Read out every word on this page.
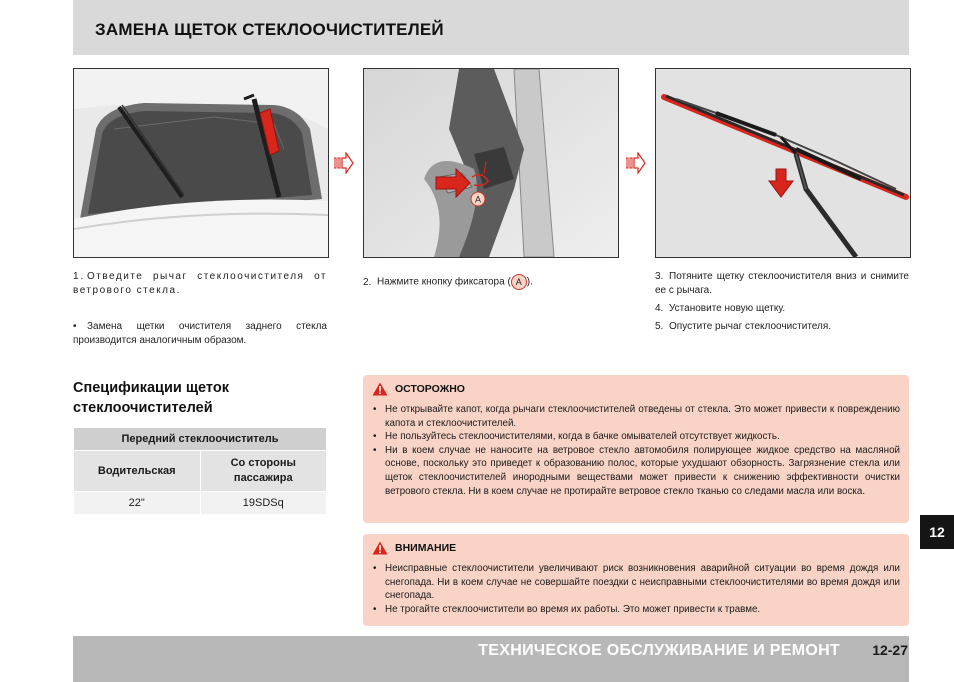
ЗАМЕНА ЩЕТОК СТЕКЛООЧИСТИТЕЛЕЙ
A
1. Отведите рычаг стеклоочистителя от ветрового стекла.
• Замена щетки очистителя заднего стекла производится аналогичным образом.
2. Нажмите кнопку фиксатора ( A ).
3. Потяните щетку стеклоочистителя вниз и снимите ее с рычага.
4. Установите новую щетку.
5. Опустите рычаг стеклоочистителя.
Спецификации щеток
стеклоочистителей
Передний стеклоочиститель	
Водительская	Со стороны
пассажира

22"	19SDSq
ОСТОРОЖНО
• Не открывайте капот, когда рычаги стеклоочистителей отведены от стекла. Это может привести к повреждению капота и стеклоочистителей.
• Не пользуйтесь стеклоочистителями, когда в бачке омывателей отсутствует жидкость.
• Ни в коем случае не наносите на ветровое стекло автомобиля полирующее жидкое средство на масляной основе, поскольку это приведет к образованию полос, которые ухудшают обзорность. Загрязнение стекла или щеток стеклоочистителей инородными веществами может привести к снижению эффективности очистки ветрового стекла. Ни в коем случае не протирайте ветровое стекло тканью со следами масла или воска.
ВНИМАНИЕ
• Неисправные стеклоочистители увеличивают риск возникновения аварийной ситуации во время дождя или снегопада. Ни в коем случае не совершайте поездки с неисправными стеклоочистителями во время дождя или снегопада.
• Не трогайте стеклоочистители во время их работы. Это может привести к травме.
12
ТЕХНИЧЕСКОЕ ОБСЛУЖИВАНИЕ И РЕМОНТ 12-27
